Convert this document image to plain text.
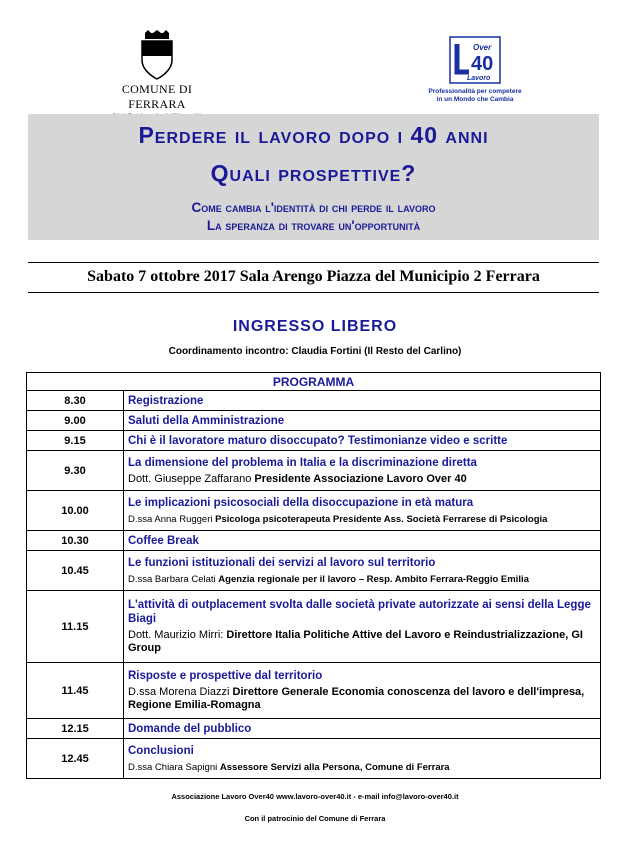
COMUNE DI FERRARA
Over
40
Lavoro
Professionalità per competere
in un Mondo che Cambia
Perdere il lavoro dopo i 40 anni
Quali prospettive?
Come cambia l'identità di chi perde il lavoro
La speranza di trovare un'opportunità
Sabato 7 ottobre 2017 Sala Arengo Piazza del Municipio 2 Ferrara
INGRESSO LIBERO
Coordinamento incontro: Claudia Fortini (Il Resto del Carlino)
PROGRAMMA	
8.30	Registrazione

9.00	Saluti della Amministrazione

9.15	Chi è il lavoratore maturo disoccupato? Testimonianze video e scritte

9.30	La dimensione del problema in Italia e la discriminazione diretta
Dott. Giuseppe Zaffarano Presidente Associazione Lavoro Over 40

10.00	Le implicazioni psicosociali della disoccupazione in età matura
D.ssa Anna Ruggeri Psicologa psicoterapeuta Presidente Ass. Società Ferrarese di Psicologia

10.30	Coffee Break

10.45	Le funzioni istituzionali dei servizi al lavoro sul territorio
D.ssa Barbara Celati Agenzia regionale per il lavoro – Resp. Ambito Ferrara-Reggio Emilia

11.15	L'attività di outplacement svolta dalle società private autorizzate ai sensi della Legge Biagi
Dott. Maurizio Mirri: Direttore Italia Politiche Attive del Lavoro e Reindustrializzazione, GI Group

11.45	Risposte e prospettive dal territorio
D.ssa Morena Diazzi Direttore Generale Economia conoscenza del lavoro e dell'impresa, Regione Emilia-Romagna

12.15	Domande del pubblico

12.45	Conclusioni
D.ssa Chiara Sapigni Assessore Servizi alla Persona, Comune di Ferrara
Associazione Lavoro Over40 www.lavoro-over40.it - e-mail info@lavoro-over40.it
Con il patrocinio del Comune di Ferrara
